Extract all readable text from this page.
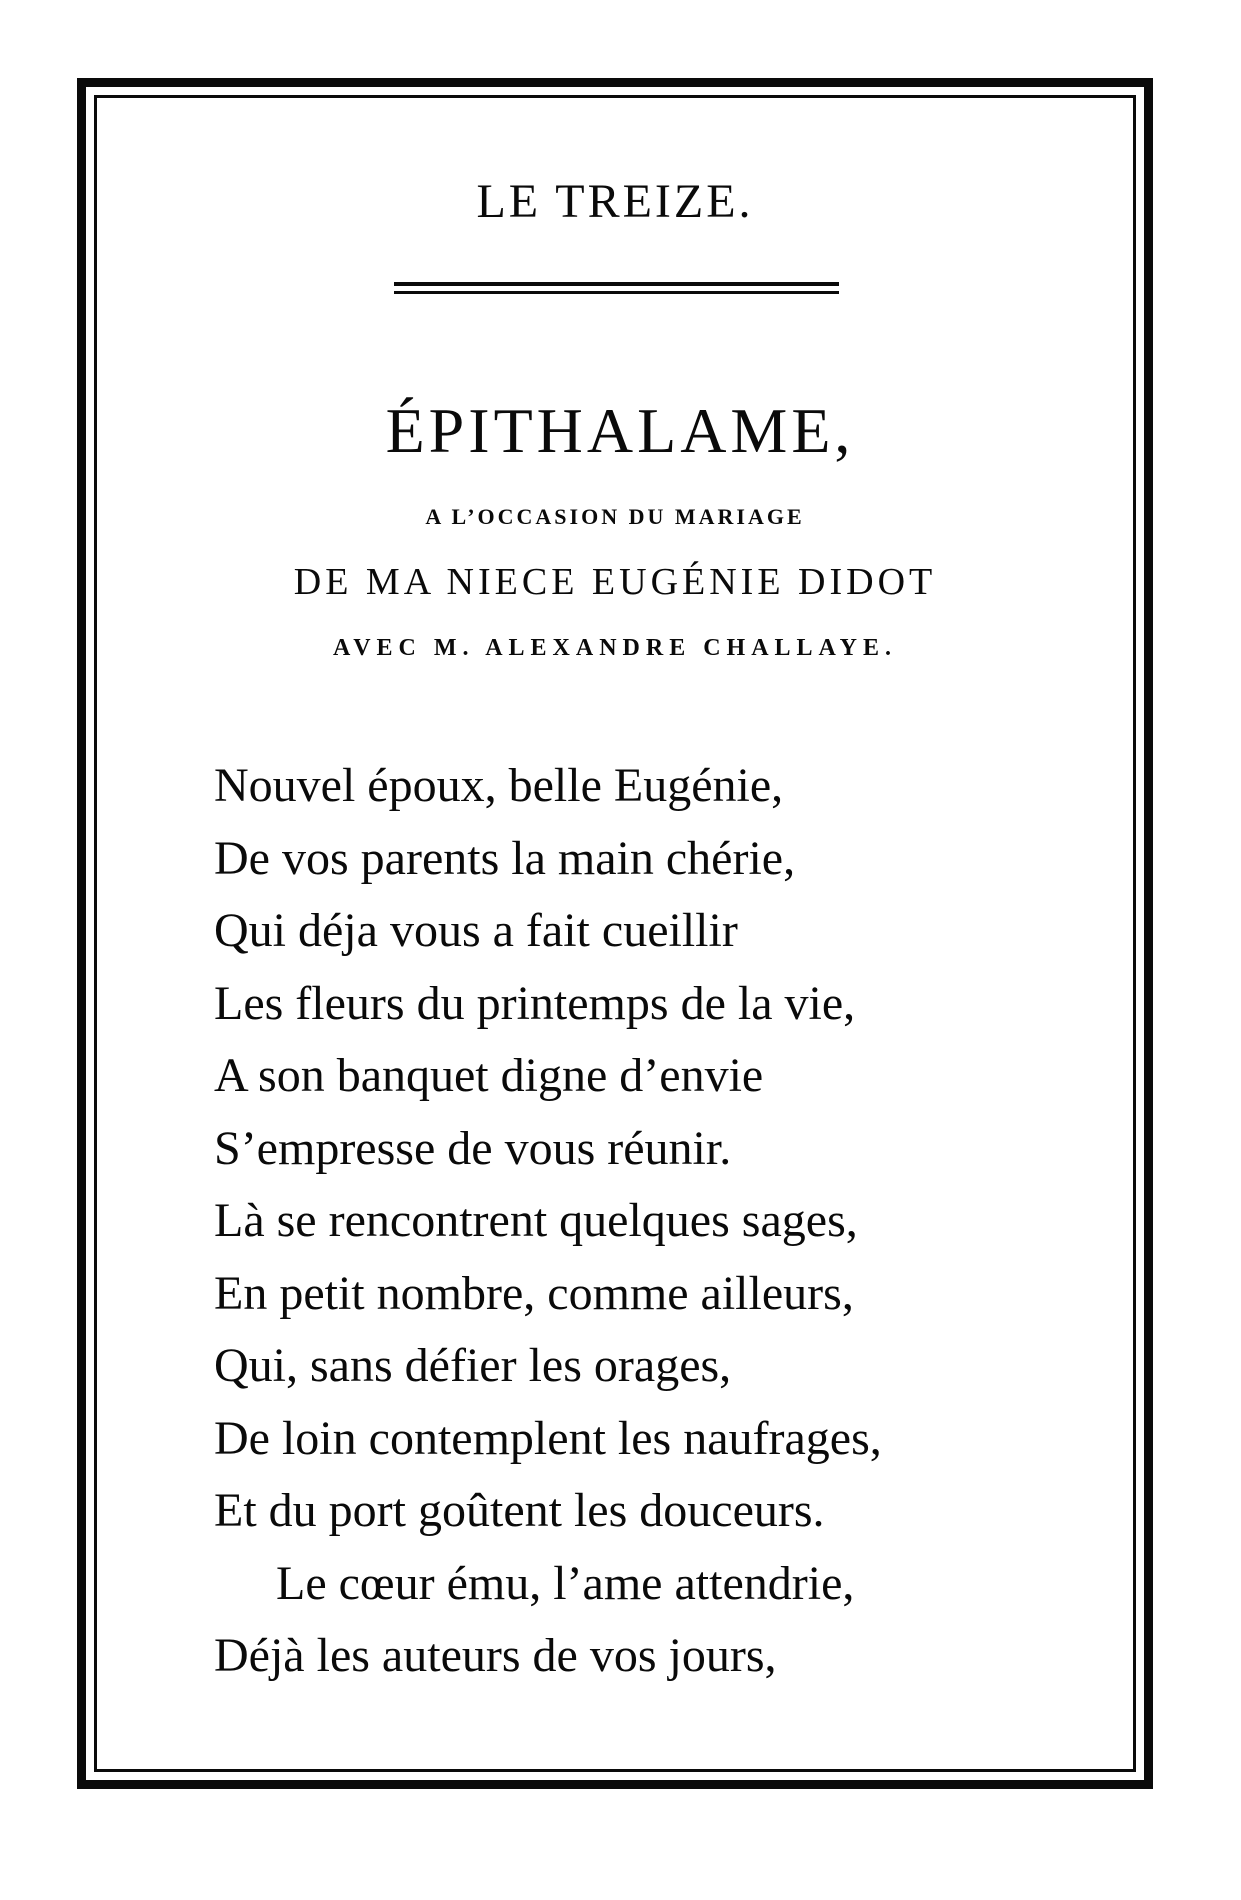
LE TREIZE.
ÉPITHALAME,
A L’OCCASION DU MARIAGE
DE MA NIECE EUGÉNIE DIDOT
AVEC M. ALEXANDRE CHALLAYE.
Nouvel époux, belle Eugénie,
De vos parents la main chérie,
Qui déja vous a fait cueillir
Les fleurs du printemps de la vie,
A son banquet digne d’envie
S’empresse de vous réunir.
Là se rencontrent quelques sages,
En petit nombre, comme ailleurs,
Qui, sans défier les orages,
De loin contemplent les naufrages,
Et du port goûtent les douceurs.
Le cœur ému, l’ame attendrie,
Déjà les auteurs de vos jours,
